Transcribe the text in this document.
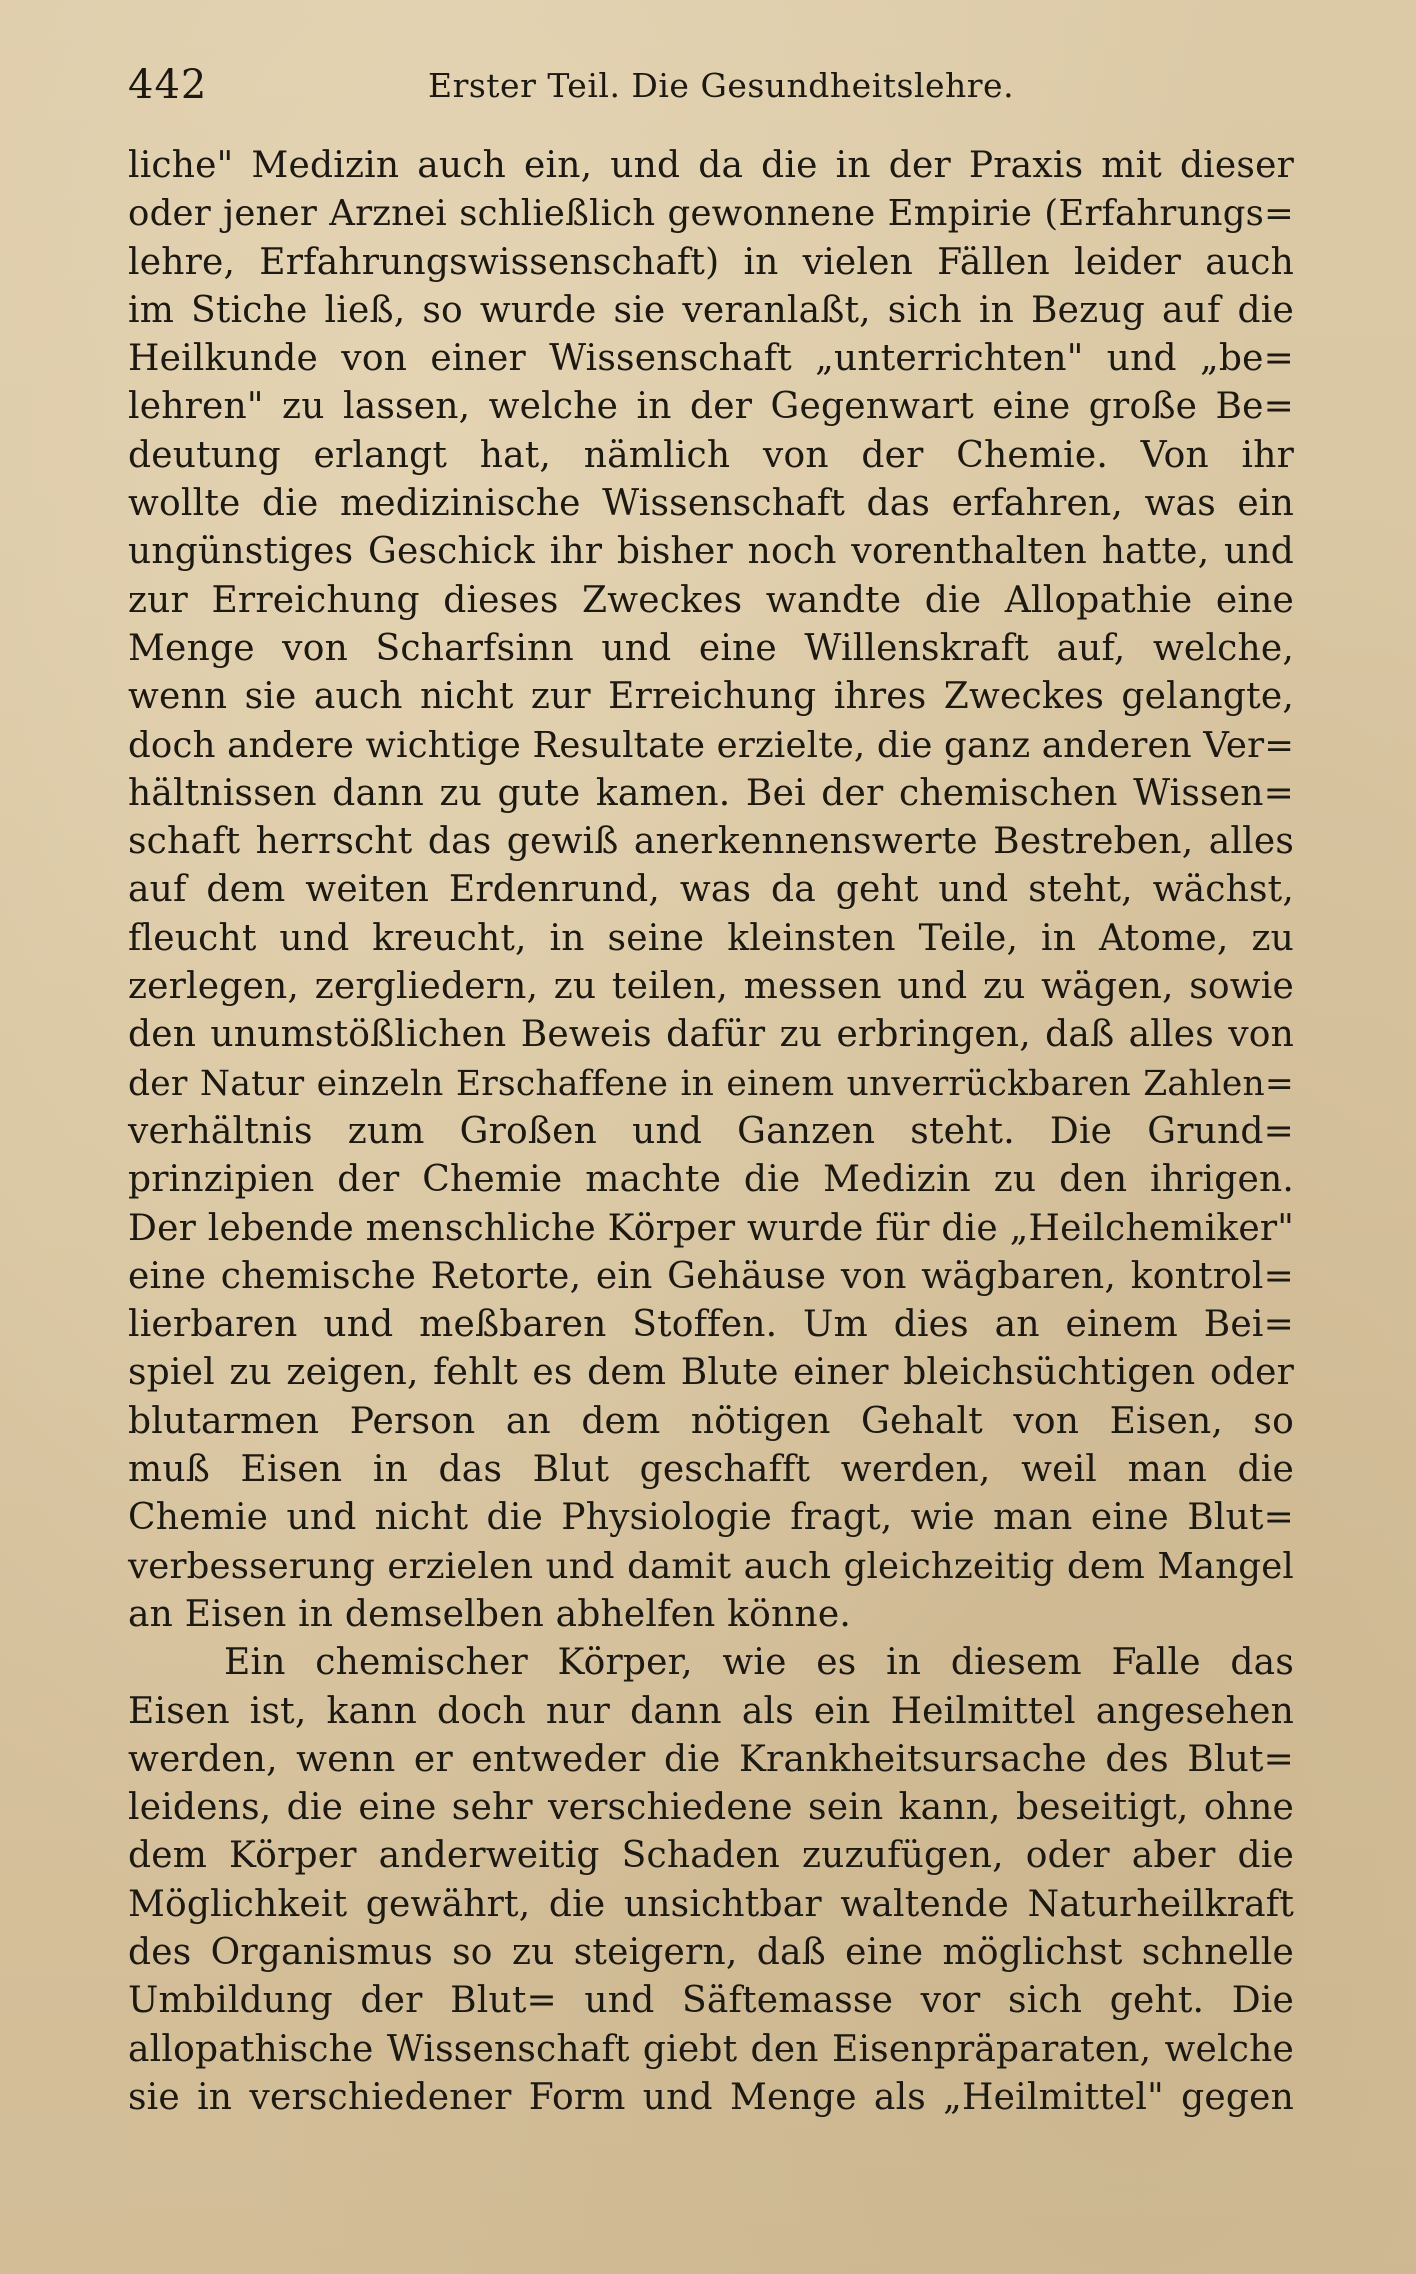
442	Erster Teil. Die Gesundheitslehre.
liche" Medizin auch ein, und da die in der Praxis mit dieser
oder jener Arznei schließlich gewonnene Empirie (Erfahrungs=
lehre, Erfahrungswissenschaft) in vielen Fällen leider auch
im Stiche ließ, so wurde sie veranlaßt, sich in Bezug auf die
Heilkunde von einer Wissenschaft „unterrichten" und „be=
lehren" zu lassen, welche in der Gegenwart eine große Be=
deutung erlangt hat, nämlich von der Chemie. Von ihr
wollte die medizinische Wissenschaft das erfahren, was ein
ungünstiges Geschick ihr bisher noch vorenthalten hatte, und
zur Erreichung dieses Zweckes wandte die Allopathie eine
Menge von Scharfsinn und eine Willenskraft auf, welche,
wenn sie auch nicht zur Erreichung ihres Zweckes gelangte,
doch andere wichtige Resultate erzielte, die ganz anderen Ver=
hältnissen dann zu gute kamen. Bei der chemischen Wissen=
schaft herrscht das gewiß anerkennenswerte Bestreben, alles
auf dem weiten Erdenrund, was da geht und steht, wächst,
fleucht und kreucht, in seine kleinsten Teile, in Atome, zu
zerlegen, zergliedern, zu teilen, messen und zu wägen, sowie
den unumstößlichen Beweis dafür zu erbringen, daß alles von
der Natur einzeln Erschaffene in einem unverrückbaren Zahlen=
verhältnis zum Großen und Ganzen steht. Die Grund=
prinzipien der Chemie machte die Medizin zu den ihrigen.
Der lebende menschliche Körper wurde für die „Heilchemiker"
eine chemische Retorte, ein Gehäuse von wägbaren, kontrol=
lierbaren und meßbaren Stoffen. Um dies an einem Bei=
spiel zu zeigen, fehlt es dem Blute einer bleichsüchtigen oder
blutarmen Person an dem nötigen Gehalt von Eisen, so
muß Eisen in das Blut geschafft werden, weil man die
Chemie und nicht die Physiologie fragt, wie man eine Blut=
verbesserung erzielen und damit auch gleichzeitig dem Mangel
an Eisen in demselben abhelfen könne.
Ein chemischer Körper, wie es in diesem Falle das
Eisen ist, kann doch nur dann als ein Heilmittel angesehen
werden, wenn er entweder die Krankheitsursache des Blut=
leidens, die eine sehr verschiedene sein kann, beseitigt, ohne
dem Körper anderweitig Schaden zuzufügen, oder aber die
Möglichkeit gewährt, die unsichtbar waltende Naturheilkraft
des Organismus so zu steigern, daß eine möglichst schnelle
Umbildung der Blut= und Säftemasse vor sich geht. Die
allopathische Wissenschaft giebt den Eisenpräparaten, welche
sie in verschiedener Form und Menge als „Heilmittel" gegen
